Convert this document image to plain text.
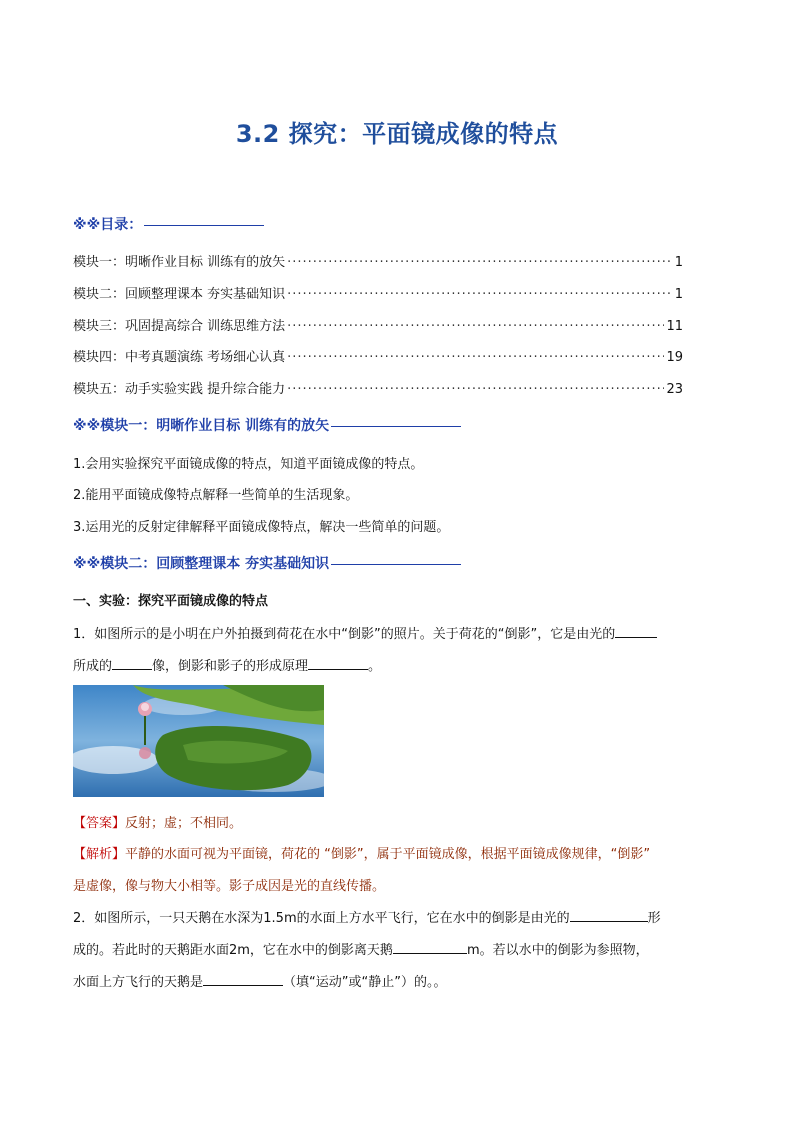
3.2 探究：平面镜成像的特点
※※目录：
模块一：明晰作业目标 训练有的放矢 ·····	1
模块二：回顾整理课本 夯实基础知识 ·····	1
模块三：巩固提高综合 训练思维方法 ·····	11
模块四：中考真题演练 考场细心认真 ·····	19
模块五：动手实验实践 提升综合能力 ·····	23
※※模块一：明晰作业目标 训练有的放矢
1.会用实验探究平面镜成像的特点，知道平面镜成像的特点。
2.能用平面镜成像特点解释一些简单的生活现象。
3.运用光的反射定律解释平面镜成像特点，解决一些简单的问题。
※※模块二：回顾整理课本 夯实基础知识
一、实验：探究平面镜成像的特点
1．如图所示的是小明在户外拍摄到荷花在水中“倒影”的照片。关于荷花的“倒影”，它是由光的
所成的	像，倒影和影子的形成原理	。
【答案】反射；虚；不相同。
【解析】平静的水面可视为平面镜，荷花的 “倒影”，属于平面镜成像，根据平面镜成像规律，“倒影”
是虚像，像与物大小相等。影子成因是光的直线传播。
2．如图所示，一只天鹅在水深为1.5m的水面上方水平飞行，它在水中的倒影是由光的	形
成的。若此时的天鹅距水面2m，它在水中的倒影离天鹅	m。若以水中的倒影为参照物，
水面上方飞行的天鹅是	（填“运动”或“静止”）的。。
